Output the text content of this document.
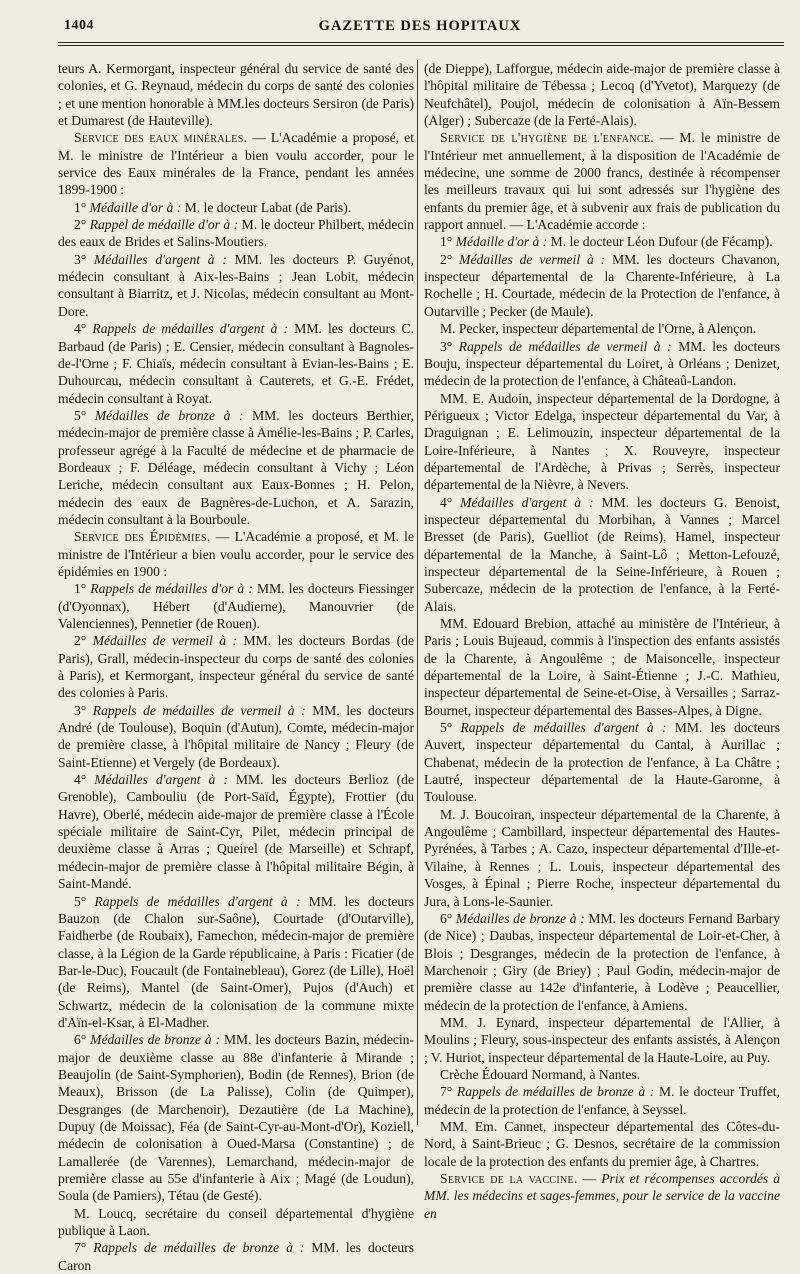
1404	GAZETTE DES HOPITAUX

teurs A. Kermorgant, inspecteur général du service de santé des colonies, et G. Reynaud, médecin du corps de santé des colonies ; et une mention honorable à MM.les docteurs Sersiron (de Paris) et Dumarest (de Hauteville).

Service des eaux minérales. — L'Académie a proposé, et M. le ministre de l'Intérieur a bien voulu accorder, pour le service des Eaux minérales de la France, pendant les années 1899-1900 :

1° Médaille d'or à : M. le docteur Labat (de Paris).

2° Rappel de médaille d'or à : M. le docteur Philbert, médecin des eaux de Brides et Salins-Moutiers.

3° Médailles d'argent à : MM. les docteurs P. Guyénot, médecin consultant à Aix-les-Bains ; Jean Lobit, médecin consultant à Biarritz, et J. Nicolas, médecin consultant au Mont-Dore.

4° Rappels de médailles d'argent à : MM. les docteurs C. Barbaud (de Paris) ; E. Censier, médecin consultant à Bagnoles-de-l'Orne ; F. Chiaïs, médecin consultant à Evian-les-Bains ; E. Duhourcau, médecin consultant à Cauterets, et G.-E. Frédet, médecin consultant à Royat.

5° Médailles de bronze à : MM. les docteurs Berthier, médecin-major de première classe à Amélie-les-Bains ; P. Carles, professeur agrégé à la Faculté de médecine et de pharmacie de Bordeaux ; F. Déléage, médecin consultant à Vichy ; Léon Leriche, médecin consultant aux Eaux-Bonnes ; H. Pelon, médecin des eaux de Bagnères-de-Luchon, et A. Sarazin, médecin consultant à la Bourboule.

Service des Épidémies. — L'Académie a proposé, et M. le ministre de l'Intérieur a bien voulu accorder, pour le service des épidémies en 1900 :

1° Rappels de médailles d'or à : MM. les docteurs Fiessinger (d'Oyonnax), Hébert (d'Audierne), Manouvrier (de Valenciennes), Pennetier (de Rouen).

2° Médailles de vermeil à : MM. les docteurs Bordas (de Paris), Grall, médecin-inspecteur du corps de santé des colonies à Paris), et Kermorgant, inspecteur général du service de santé des colonies à Paris.

3° Rappels de médailles de vermeil à : MM. les docteurs André (de Toulouse), Boquin (d'Autun), Comte, médecin-major de première classe, à l'hôpital militaire de Nancy ; Fleury (de Saint-Etienne) et Vergely (de Bordeaux).

4° Médailles d'argent à : MM. les docteurs Berlioz (de Grenoble), Cambouliu (de Port-Saïd, Égypte), Frottier (du Havre), Oberlé, médecin aide-major de première classe à l'École spéciale militaire de Saint-Cyr, Pilet, médecin principal de deuxième classe à Arras ; Queirel (de Marseille) et Schrapf, médecin-major de première classe à l'hôpital militaire Bégin, à Saint-Mandé.

5° Rappels de médailles d'argent à : MM. les docteurs Bauzon (de Chalon sur-Saône), Courtade (d'Outarville), Faidherbe (de Roubaix), Famechon, médecin-major de première classe, à la Légion de la Garde républicaine, à Paris : Ficatier (de Bar-le-Duc), Foucault (de Fontainebleau), Gorez (de Lille), Hoël (de Reims), Mantel (de Saint-Omer), Pujos (d'Auch) et Schwartz, médecin de la colonisation de la commune mixte d'Aïn-el-Ksar, à El-Madher.

6° Médailles de bronze à : MM. les docteurs Bazin, médecin-major de deuxième classe au 88e d'infanterie à Mirande ; Beaujolin (de Saint-Symphorien), Bodin (de Rennes), Brion (de Meaux), Brisson (de La Palisse), Colin (de Quimper), Desgranges (de Marchenoir), Dezautière (de La Machine), Dupuy (de Moissac), Féa (de Saint-Cyr-au-Mont-d'Or), Koziell, médecin de colonisation à Oued-Marsa (Constantine) ; de Lamallerée (de Varennes), Lemarchand, médecin-major de première classe au 55e d'infanterie à Aix ; Magé (de Loudun), Soula (de Pamiers), Tétau (de Gesté).

M. Loucq, secrétaire du conseil départemental d'hygiène publique à Laon.

7° Rappels de médailles de bronze à : MM. les docteurs Caron

(de Dieppe), Lafforgue, médecin aide-major de première classe à l'hôpital militaire de Tébessa ; Lecoq (d'Yvetot), Marquezy (de Neufchâtel), Poujol, médecin de colonisation à Aïn-Bessem (Alger) ; Subercaze (de la Ferté-Alais).

Service de l'hygiène de l'enfance. — M. le ministre de l'Intérieur met annuellement, à la disposition de l'Académie de médecine, une somme de 2000 francs, destinée à récompenser les meilleurs travaux qui lui sont adressés sur l'hygiène des enfants du premier âge, et à subvenir aux frais de publication du rapport annuel. — L'Académie accorde :

1° Médaille d'or à : M. le docteur Léon Dufour (de Fécamp).

2° Médailles de vermeil à : MM. les docteurs Chavanon, inspecteur départemental de la Charente-Inférieure, à La Rochelle ; H. Courtade, médecin de la Protection de l'enfance, à Outarville ; Pecker (de Maule).

M. Pecker, inspecteur départemental de l'Orne, à Alençon.

3° Rappels de médailles de vermeil à : MM. les docteurs Bouju, inspecteur départemental du Loiret, à Orléans ; Denizet, médecin de la protection de l'enfance, à Châteaû-Landon.

MM. E. Audoin, inspecteur départemental de la Dordogne, à Périgueux ; Victor Edelga, inspecteur départemental du Var, à Draguignan ; E. Lelimouzin, inspecteur départemental de la Loire-Inférieure, à Nantes ; X. Rouveyre, inspecteur départemental de l'Ardèche, à Privas ; Serrès, inspecteur départemental de la Nièvre, à Nevers.

4° Médailles d'argent à : MM. les docteurs G. Benoist, inspecteur départemental du Morbihan, à Vannes ; Marcel Bresset (de Paris), Guelliot (de Reims), Hamel, inspecteur départemental de la Manche, à Saint-Lô ; Metton-Lefouzé, inspecteur départemental de la Seine-Inférieure, à Rouen ; Subercaze, médecin de la protection de l'enfance, à la Ferté-Alais.

MM. Edouard Brebion, attaché au ministère de l'Intérieur, à Paris ; Louis Bujeaud, commis à l'inspection des enfants assistés de la Charente, à Angoulême ; de Maisoncelle, inspecteur départemental de la Loire, à Saint-Étienne ; J.-C. Mathieu, inspecteur départemental de Seine-et-Oise, à Versailles ; Sarraz-Bournet, inspecteur départemental des Basses-Alpes, à Digne.

5° Rappels de médailles d'argent à : MM. les docteurs Auvert, inspecteur départemental du Cantal, à Aurillac ; Chabenat, médecin de la protection de l'enfance, à La Châtre ; Lautré, inspecteur départemental de la Haute-Garonne, à Toulouse.

M. J. Boucoiran, inspecteur départemental de la Charente, à Angoulême ; Cambillard, inspecteur départemental des Hautes-Pyrénées, à Tarbes ; A. Cazo, inspecteur départemental d'Ille-et-Vilaine, à Rennes ; L. Louis, inspecteur départemental des Vosges, à Épinal ; Pierre Roche, inspecteur départemental du Jura, à Lons-le-Saunier.

6° Médailles de bronze à : MM. les docteurs Fernand Barbary (de Nice) ; Daubas, inspecteur départemental de Loir-et-Cher, à Blois ; Desgranges, médecin de la protection de l'enfance, à Marchenoir ; Giry (de Briey) ; Paul Godin, médecin-major de première classe au 142e d'infanterie, à Lodève ; Peaucellier, médecin de la protection de l'enfance, à Amiens.

MM. J. Eynard, inspecteur départemental de l'Allier, à Moulins ; Fleury, sous-inspecteur des enfants assistés, à Alençon ; V. Huriot, inspecteur départemental de la Haute-Loire, au Puy.

Crèche Édouard Normand, à Nantes.

7° Rappels de médailles de bronze à : M. le docteur Truffet, médecin de la protection de l'enfance, à Seyssel.

MM. Em. Cannet, inspecteur départemental des Côtes-du-Nord, à Saint-Brieuc ; G. Desnos, secrétaire de la commission locale de la protection des enfants du premier âge, à Chartres.

Service de la vaccine. — Prix et récompenses accordés à MM. les médecins et sages-femmes, pour le service de la vaccine en
